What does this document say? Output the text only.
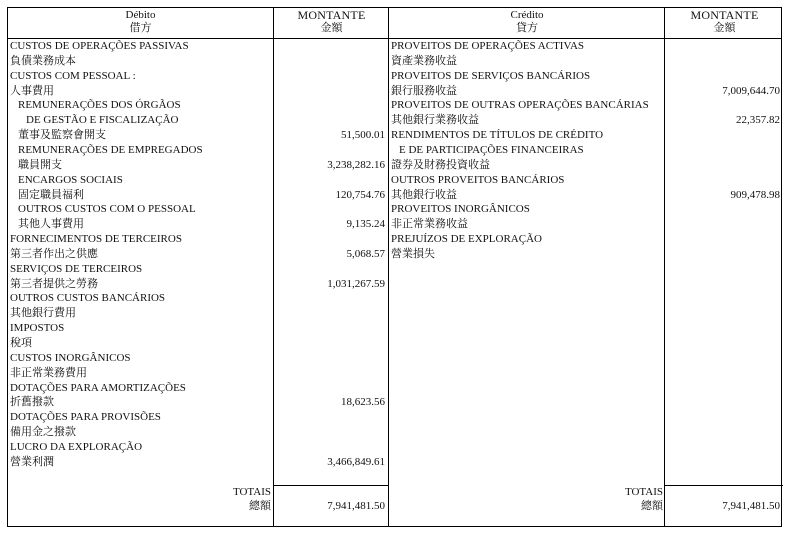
Débito
借方
CUSTOS DE OPERAÇÕES PASSIVAS
負債業務成本
CUSTOS COM PESSOAL :
人事費用
REMUNERAÇÕES DOS ÓRGÃOS
DE GESTÃO E FISCALIZAÇÃO
董事及監察會開支
REMUNERAÇÕES DE EMPREGADOS
職員開支
ENCARGOS SOCIAIS
固定職員福利
OUTROS CUSTOS COM O PESSOAL
其他人事費用
FORNECIMENTOS DE TERCEIROS
第三者作出之供應
SERVIÇOS DE TERCEIROS
第三者提供之勞務
OUTROS CUSTOS BANCÁRIOS
其他銀行費用
IMPOSTOS
稅項
CUSTOS INORGÂNICOS
非正常業務費用
DOTAÇÕES PARA AMORTIZAÇÕES
折舊撥款
DOTAÇÕES PARA PROVISÕES
備用金之撥款
LUCRO DA EXPLORAÇÃO
營業利潤
TOTAIS
總額
MONTANTE
金額
51,500.01
3,238,282.16
120,754.76
9,135.24
5,068.57
1,031,267.59
18,623.56
3,466,849.61
7,941,481.50
Crédito
貸方
PROVEITOS DE OPERAÇÕES ACTIVAS
資產業務收益
PROVEITOS DE SERVIÇOS BANCÁRIOS
銀行服務收益
PROVEITOS DE OUTRAS OPERAÇÕES BANCÁRIAS
其他銀行業務收益
RENDIMENTOS DE TÍTULOS DE CRÉDITO
E DE PARTICIPAÇÕES FINANCEIRAS
證券及財務投資收益
OUTROS PROVEITOS BANCÁRIOS
其他銀行收益
PROVEITOS INORGÂNICOS
非正常業務收益
PREJUÍZOS DE EXPLORAÇÃO
營業損失
TOTAIS
總額
MONTANTE
金額
7,009,644.70
22,357.82
909,478.98
7,941,481.50
